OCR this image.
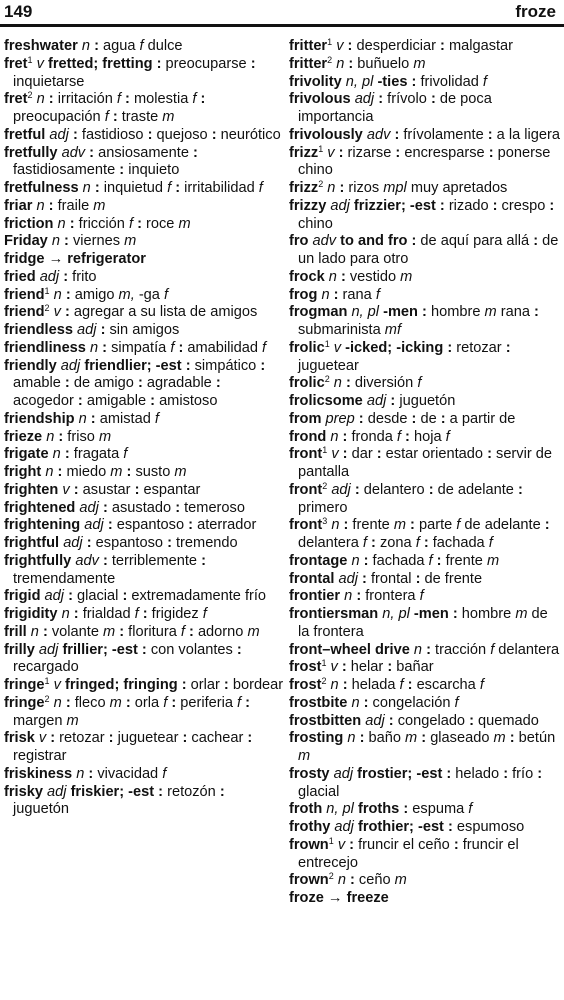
149	froze

freshwater n : agua f dulce

fret$^1$ v fretted; fretting : preocuparse : inquietarse

fret$^2$ n : irritación f : molestia f : preocupación f : traste m

fretful adj : fastidioso : quejoso : neurótico

fretfully adv : ansiosamente : fastidiosamente : inquieto

fretfulness n : inquietud f : irritabilidad f

friar n : fraile m

friction n : fricción f : roce m

Friday n : viernes m

fridge → refrigerator

fried adj : frito

friend$^1$ n : amigo m, -ga f

friend$^2$ v : agregar a su lista de amigos

friendless adj : sin amigos

friendliness n : simpatía f : amabilidad f

friendly adj friendlier; -est : simpático : amable : de amigo : agradable : acogedor : amigable : amistoso

friendship n : amistad f

frieze n : friso m

frigate n : fragata f

fright n : miedo m : susto m

frighten v : asustar : espantar

frightened adj : asustado : temeroso

frightening adj : espantoso : aterrador

frightful adj : espantoso : tremendo

frightfully adv : terriblemente : tremendamente

frigid adj : glacial : extremadamente frío

frigidity n : frialdad f : frigidez f

frill n : volante m : floritura f : adorno m

frilly adj frillier; -est : con volantes : recargado

fringe$^1$ v fringed; fringing : orlar : bordear

fringe$^2$ n : fleco m : orla f : periferia f : margen m

frisk v : retozar : juguetear : cachear : registrar

friskiness n : vivacidad f

frisky adj friskier; -est : retozón : juguetón

fritter$^1$ v : desperdiciar : malgastar

fritter$^2$ n : buñuelo m

frivolity n, pl -ties : frivolidad f

frivolous adj : frívolo : de poca importancia

frivolously adv : frívolamente : a la ligera

frizz$^1$ v : rizarse : encresparse : ponerse chino

frizz$^2$ n : rizos mpl muy apretados

frizzy adj frizzier; -est : rizado : crespo : chino

fro adv to and fro : de aquí para allá : de un lado para otro

frock n : vestido m

frog n : rana f

frogman n, pl -men : hombre m rana : submarinista mf

frolic$^1$ v -icked; -icking : retozar : juguetear

frolic$^2$ n : diversión f

frolicsome adj : juguetón

from prep : desde : de : a partir de

frond n : fronda f : hoja f

front$^1$ v : dar : estar orientado : servir de pantalla

front$^2$ adj : delantero : de adelante : primero

front$^3$ n : frente m : parte f de adelante : delantera f : zona f : fachada f

frontage n : fachada f : frente m

frontal adj : frontal : de frente

frontier n : frontera f

frontiersman n, pl -men : hombre m de la frontera

front–wheel drive n : tracción f delantera

frost$^1$ v : helar : bañar

frost$^2$ n : helada f : escarcha f

frostbite n : congelación f

frostbitten adj : congelado : quemado

frosting n : baño m : glaseado m : betún m

frosty adj frostier; -est : helado : frío : glacial

froth n, pl froths : espuma f

frothy adj frothier; -est : espumoso

frown$^1$ v : fruncir el ceño : fruncir el entrecejo

frown$^2$ n : ceño m

froze → freeze
